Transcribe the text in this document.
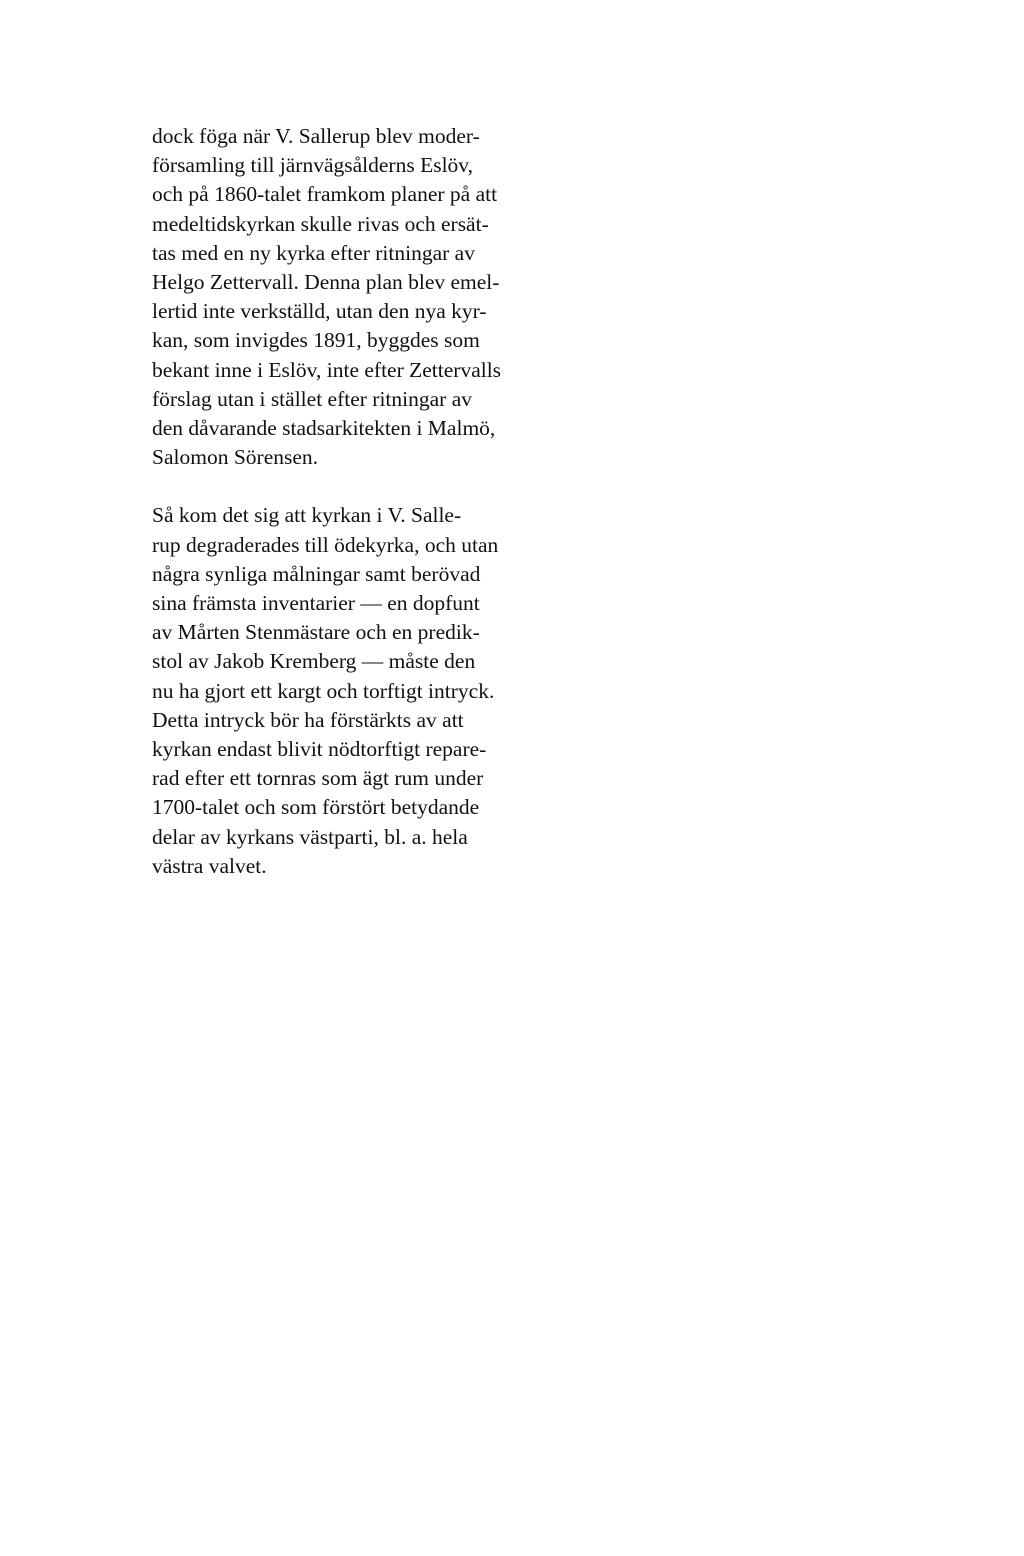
dock föga när V. Sallerup blev moder-
församling till järnvägsålderns Eslöv,
och på 1860-talet framkom planer på att
medeltidskyrkan skulle rivas och ersät-
tas med en ny kyrka efter ritningar av
Helgo Zettervall. Denna plan blev emel-
lertid inte verkställd, utan den nya kyr-
kan, som invigdes 1891, byggdes som
bekant inne i Eslöv, inte efter Zettervalls
förslag utan i stället efter ritningar av
den dåvarande stadsarkitekten i Malmö,
Salomon Sörensen.

Så kom det sig att kyrkan i V. Salle-
rup degraderades till ödekyrka, och utan
några synliga målningar samt berövad
sina främsta inventarier — en dopfunt
av Mårten Stenmästare och en predik-
stol av Jakob Kremberg — måste den
nu ha gjort ett kargt och torftigt intryck.
Detta intryck bör ha förstärkts av att
kyrkan endast blivit nödtorftigt repare-
rad efter ett tornras som ägt rum under
1700-talet och som förstört betydande
delar av kyrkans västparti, bl. a. hela
västra valvet.
